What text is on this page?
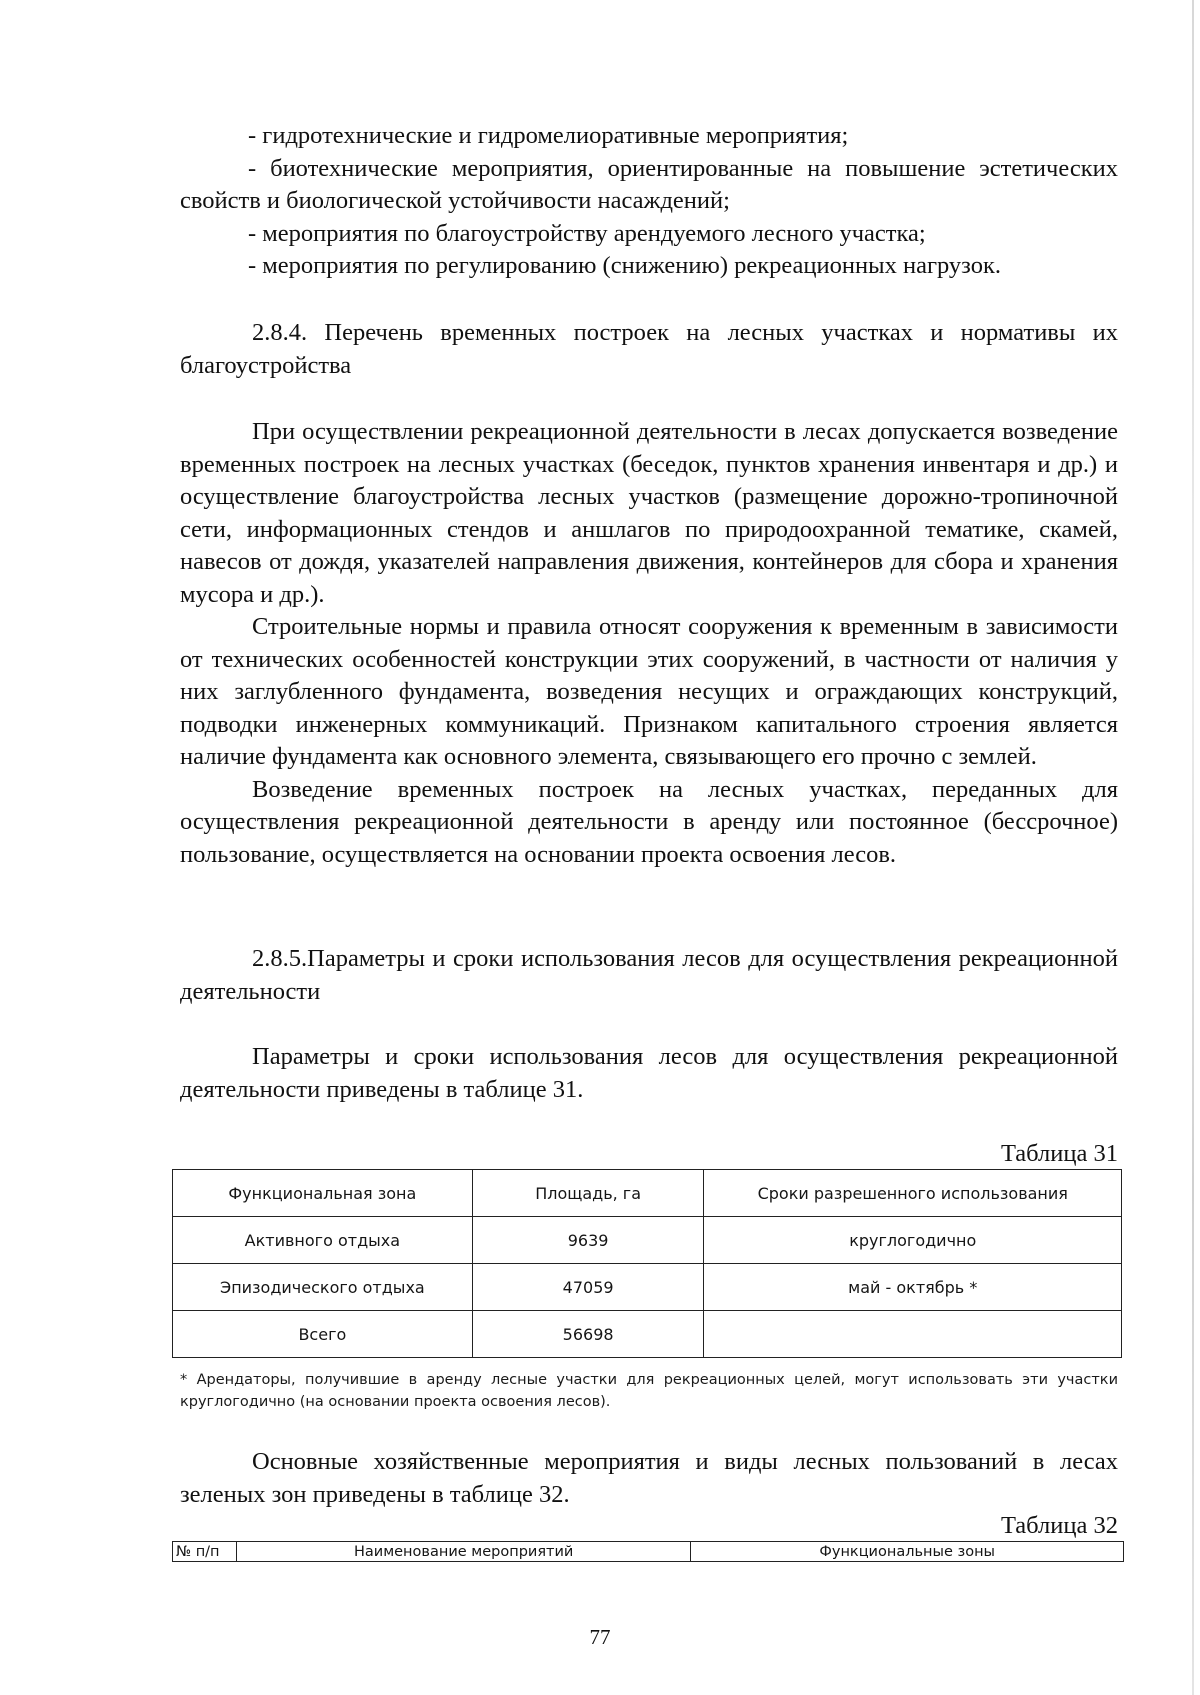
- гидротехнические и гидромелиоративные мероприятия;

- биотехнические мероприятия, ориентированные на повышение эстетических свойств и биологической устойчивости насаждений;

- мероприятия по благоустройству арендуемого лесного участка;

- мероприятия по регулированию (снижению) рекреационных нагрузок.

2.8.4. Перечень временных построек на лесных участках и нормативы их благоустройства

При осуществлении рекреационной деятельности в лесах допускается возведение временных построек на лесных участках (беседок, пунктов хранения инвентаря и др.) и осуществление благоустройства лесных участков (размещение дорожно-тропиночной сети, информационных стендов и аншлагов по природоохранной тематике, скамей, навесов от дождя, указателей направления движения, контейнеров для сбора и хранения мусора и др.).

Строительные нормы и правила относят сооружения к временным в зависимости от технических особенностей конструкции этих сооружений, в частности от наличия у них заглубленного фундамента, возведения несущих и ограждающих конструкций, подводки инженерных коммуникаций. Признаком капитального строения является наличие фундамента как основного элемента, связывающего его прочно с землей.

Возведение временных построек на лесных участках, переданных для осуществления рекреационной деятельности в аренду или постоянное (бессрочное) пользование, осуществляется на основании проекта освоения лесов.

2.8.5.Параметры и сроки использования лесов для осуществления рекреационной деятельности

Параметры и сроки использования лесов для осуществления рекреационной деятельности приведены в таблице 31.

Таблица 31
Функциональная зона	Площадь, га	Сроки разрешенного использования
Активного отдыха	9639	круглогодично
Эпизодического отдыха	47059	май - октябрь *
Всего	56698	
* Арендаторы, получившие в аренду лесные участки для рекреационных целей, могут использовать эти участки круглогодично (на основании проекта освоения лесов).

Основные хозяйственные мероприятия и виды лесных пользований в лесах зеленых зон приведены в таблице 32.

Таблица 32
№ п/п	Наименование мероприятий	Функциональные зоны
77
